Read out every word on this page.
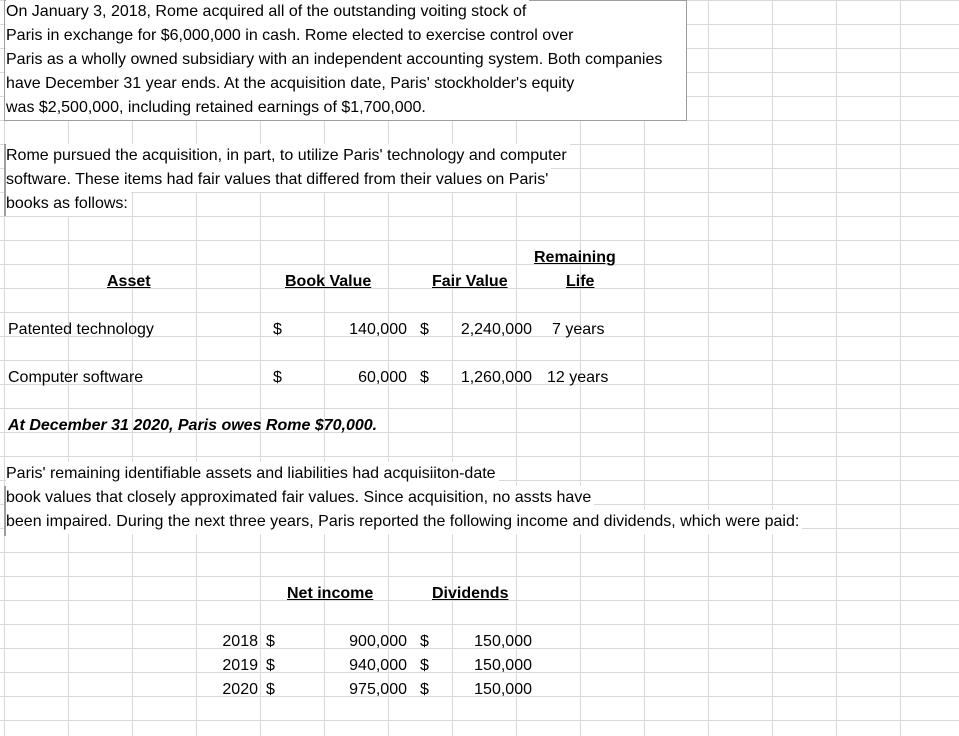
On January 3, 2018, Rome acquired all of the outstanding voiting stock of
Paris in exchange for $6,000,000 in cash. Rome elected to exercise control over
Paris as a wholly owned subsidiary with an independent accounting system. Both companies
have December 31 year ends. At the acquisition date, Paris' stockholder's equity
was $2,500,000, including retained earnings of $1,700,000.
Rome pursued the acquisition, in part, to utilize Paris' technology and computer
software. These items had fair values that differed from their values on Paris'
books as follows:
Remaining
Asset	Book Value	Fair Value	Life
Patented technology	$	140,000 $	2,240,000 7 years
Computer software	$	60,000 $	1,260,000 12 years
At December 31 2020, Paris owes Rome $70,000.
Paris' remaining identifiable assets and liabilities had acquisiiton-date
book values that closely approximated fair values. Since acquisition, no assts have
been impaired. During the next three years, Paris reported the following income and dividends, which were paid:
Net income	Dividends
2018 $	900,000 $	150,000
2019 $	940,000 $	150,000
2020 $	975,000 $	150,000
